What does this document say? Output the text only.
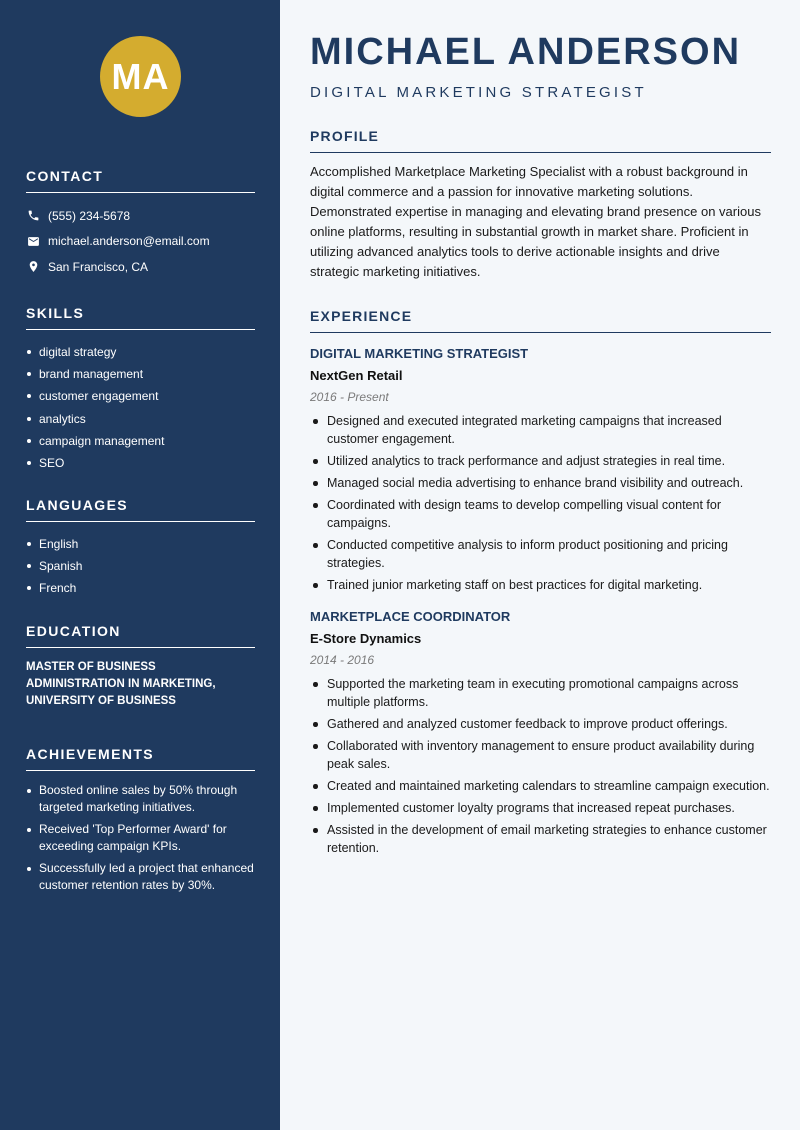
MA
CONTACT
(555) 234-5678
michael.anderson@email.com
San Francisco, CA
SKILLS
digital strategy
brand management
customer engagement
analytics
campaign management
SEO
LANGUAGES
English
Spanish
French
EDUCATION
MASTER OF BUSINESS ADMINISTRATION IN MARKETING, UNIVERSITY OF BUSINESS
ACHIEVEMENTS
Boosted online sales by 50% through targeted marketing initiatives.
Received 'Top Performer Award' for exceeding campaign KPIs.
Successfully led a project that enhanced customer retention rates by 30%.
MICHAEL ANDERSON
DIGITAL MARKETING STRATEGIST
PROFILE

Accomplished Marketplace Marketing Specialist with a robust background in digital commerce and a passion for innovative marketing solutions. Demonstrated expertise in managing and elevating brand presence on various online platforms, resulting in substantial growth in market share. Proficient in utilizing advanced analytics tools to derive actionable insights and drive strategic marketing initiatives.

EXPERIENCE
DIGITAL MARKETING STRATEGIST
NextGen Retail
2016 - Present
Designed and executed integrated marketing campaigns that increased customer engagement.
Utilized analytics to track performance and adjust strategies in real time.
Managed social media advertising to enhance brand visibility and outreach.
Coordinated with design teams to develop compelling visual content for campaigns.
Conducted competitive analysis to inform product positioning and pricing strategies.
Trained junior marketing staff on best practices for digital marketing.
MARKETPLACE COORDINATOR
E-Store Dynamics
2014 - 2016
Supported the marketing team in executing promotional campaigns across multiple platforms.
Gathered and analyzed customer feedback to improve product offerings.
Collaborated with inventory management to ensure product availability during peak sales.
Created and maintained marketing calendars to streamline campaign execution.
Implemented customer loyalty programs that increased repeat purchases.
Assisted in the development of email marketing strategies to enhance customer retention.
